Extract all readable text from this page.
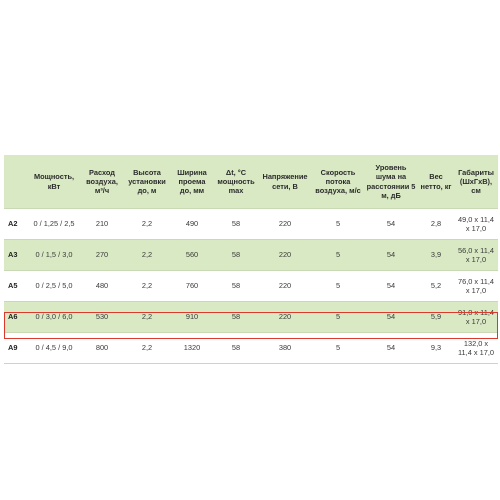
	Мощность, кВт	Расход воздуха, м³/ч	Высота установки до, м	Ширина проема до, мм	Δt, °С мощность max	Напряжение сети, В	Скорость потока воздуха, м/с	Уровень шума на расстоянии 5 м, дБ	Вес нетто, кг	Габариты (ШхГхВ), см
A2	0 / 1,25 / 2,5	210	2,2	490	58	220	5	54	2,8	49,0 х 11,4 х 17,0
A3	0 / 1,5 / 3,0	270	2,2	560	58	220	5	54	3,9	56,0 х 11,4 х 17,0
A5	0 / 2,5 / 5,0	480	2,2	760	58	220	5	54	5,2	76,0 х 11,4 х 17,0
A6	0 / 3,0 / 6,0	530	2,2	910	58	220	5	54	5,9	91,0 х 11,4 х 17,0
A9	0 / 4,5 / 9,0	800	2,2	1320	58	380	5	54	9,3	132,0 х 11,4 х 17,0
